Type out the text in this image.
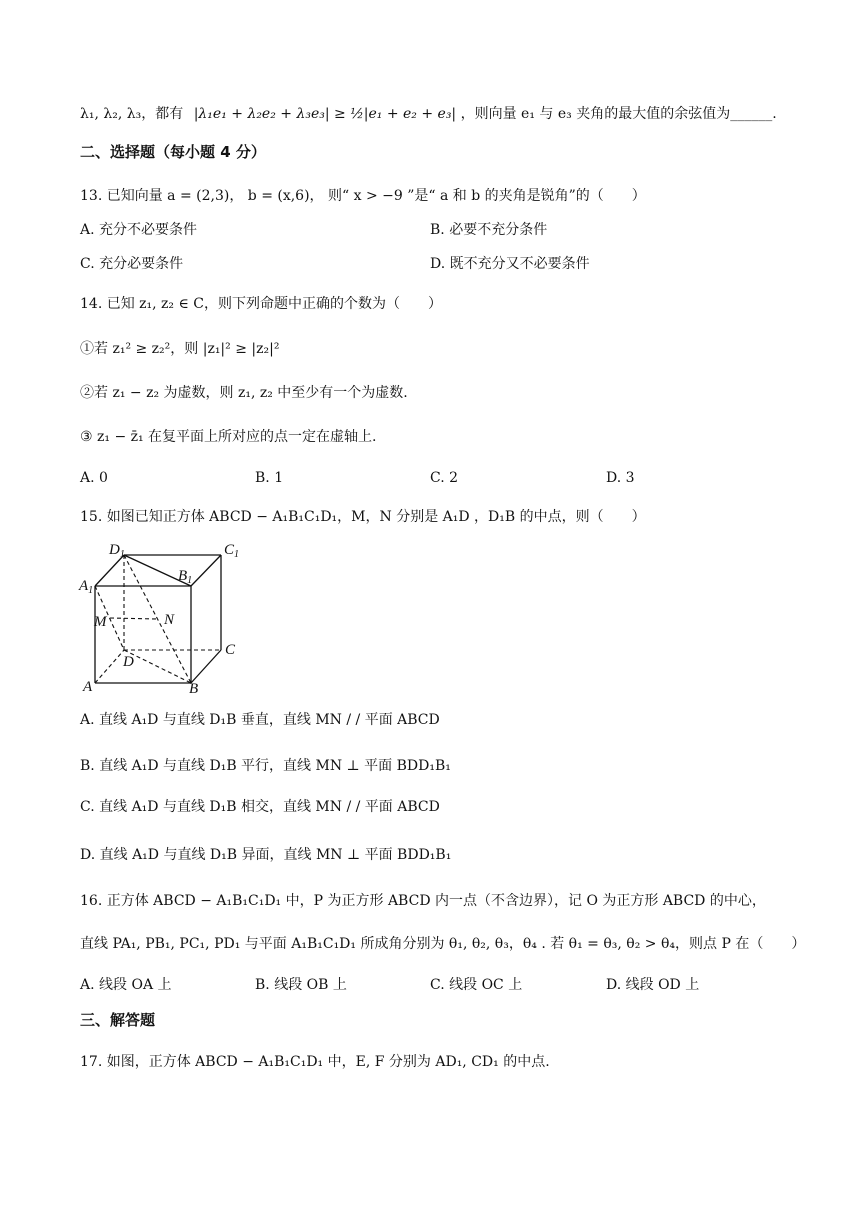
λ₁, λ₂, λ₃，都有 |λ₁e₁ + λ₂e₂ + λ₃e₃| ≥ ½|e₁ + e₂ + e₃| ，则向量 e₁ 与 e₃ 夹角的最大值的余弦值为______.
二、选择题（每小题 4 分）
13. 已知向量 a = (2,3)， b = (x,6)， 则“ x > −9 ”是“ a 和 b 的夹角是锐角”的（　　）
A. 充分不必要条件	B. 必要不充分条件
C. 充分必要条件	D. 既不充分又不必要条件
14. 已知 z₁, z₂ ∈ C，则下列命题中正确的个数为（　　）
①若 z₁² ≥ z₂²，则 |z₁|² ≥ |z₂|²
②若 z₁ − z₂ 为虚数，则 z₁, z₂ 中至少有一个为虚数.
③ z₁ − z̄₁ 在复平面上所对应的点一定在虚轴上.
A. 0	B. 1	C. 2	D. 3
15. 如图已知正方体 ABCD − A₁B₁C₁D₁，M，N 分别是 A₁D ，D₁B 的中点，则（　　）
$D_1$	$C_1$
$B_1$
$A_1$
M	N
D
C
A	B
A. 直线 A₁D 与直线 D₁B 垂直，直线 MN / / 平面 ABCD
B. 直线 A₁D 与直线 D₁B 平行，直线 MN ⊥ 平面 BDD₁B₁
C. 直线 A₁D 与直线 D₁B 相交，直线 MN / / 平面 ABCD
D. 直线 A₁D 与直线 D₁B 异面，直线 MN ⊥ 平面 BDD₁B₁
16. 正方体 ABCD − A₁B₁C₁D₁ 中，P 为正方形 ABCD 内一点（不含边界），记 O 为正方形 ABCD 的中心，
直线 PA₁, PB₁, PC₁, PD₁ 与平面 A₁B₁C₁D₁ 所成角分别为 θ₁, θ₂, θ₃，θ₄ . 若 θ₁ = θ₃, θ₂ > θ₄，则点 P 在（　　）
A. 线段 OA 上	B. 线段 OB 上	C. 线段 OC 上	D. 线段 OD 上
三、解答题
17. 如图，正方体 ABCD − A₁B₁C₁D₁ 中，E, F 分别为 AD₁, CD₁ 的中点.
